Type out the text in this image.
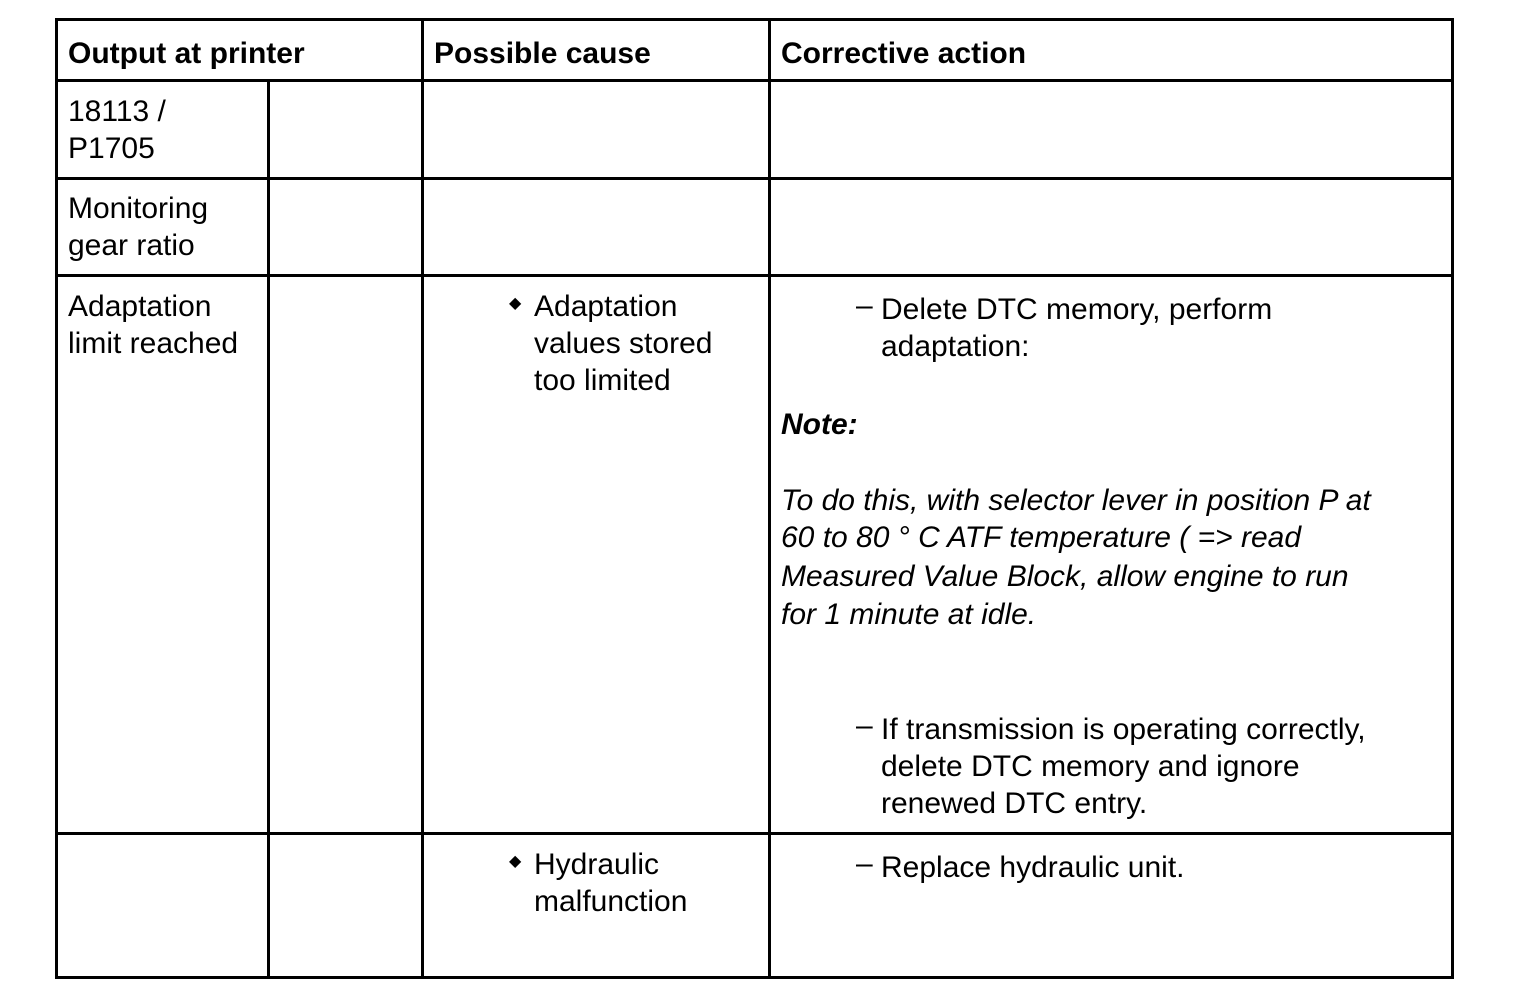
Output at printer	Possible cause	Corrective action
18113 /
P1705
Monitoring
gear ratio
Adaptation
limit reached
◆ Adaptation
values stored
too limited
– Delete DTC memory, perform
adaptation:
Note:
To do this, with selector lever in position P at
60 to 80 ° C ATF temperature ( => read
Measured Value Block, allow engine to run
for 1 minute at idle.
– If transmission is operating correctly,
delete DTC memory and ignore
renewed DTC entry.
◆ Hydraulic
malfunction
– Replace hydraulic unit.
